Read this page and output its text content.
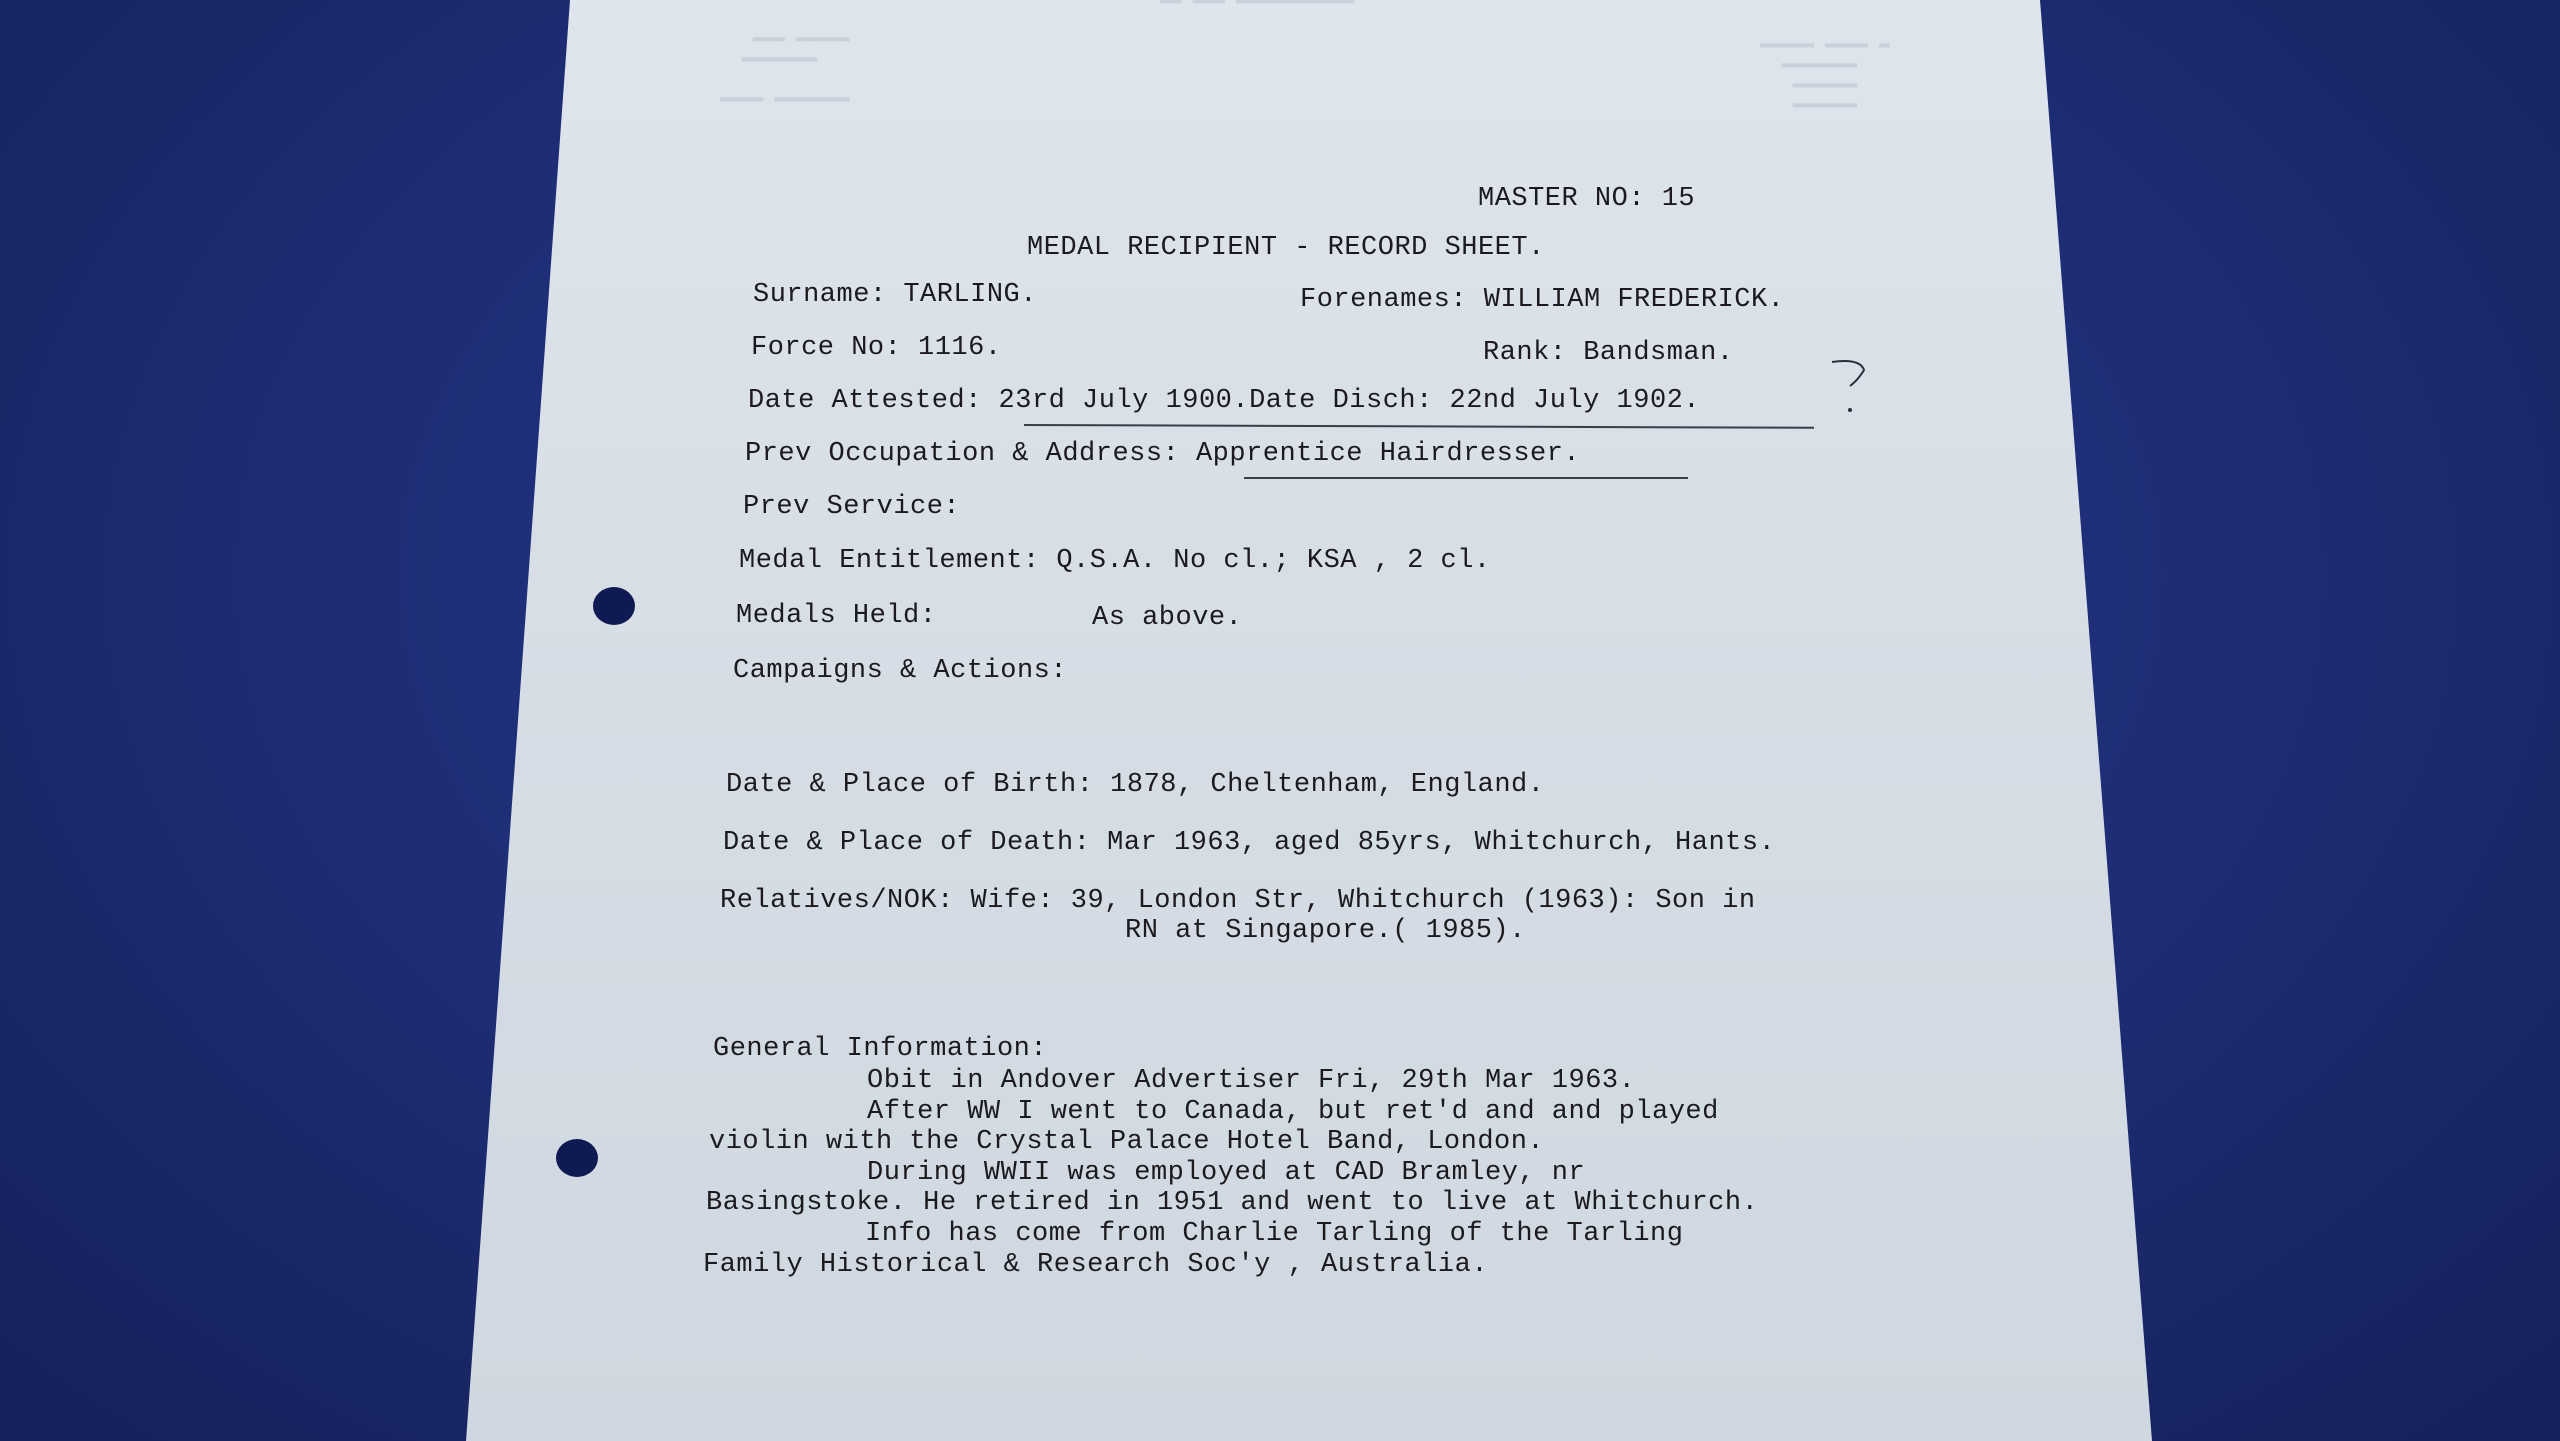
▬▬▬▬▬ ▬▬▬
▬▬▬▬▬▬▬

▬▬▬▬▬▬▬ ▬▬▬▬
▬ ▬▬▬▬ ▬▬▬▬▬
▬▬▬▬▬▬▬
▬▬▬▬▬▬
▬▬▬▬▬▬
▬▬▬▬▬▬▬▬▬▬▬ ▬▬▬ ▬▬
MASTER NO: 15
MEDAL RECIPIENT - RECORD SHEET.
Surname: TARLING.	Forenames: WILLIAM FREDERICK.
Force No: 1116.	Rank: Bandsman.
Date Attested: 23rd July 1900.Date Disch: 22nd July 1902.
Prev Occupation & Address: Apprentice Hairdresser.
Prev Service:
Medal Entitlement: Q.S.A. No cl.; KSA , 2 cl.
Medals Held:	As above.
Campaigns & Actions:
Date & Place of Birth: 1878, Cheltenham, England.
Date & Place of Death: Mar 1963, aged 85yrs, Whitchurch, Hants.
Relatives/NOK: Wife: 39, London Str, Whitchurch (1963): Son in
RN at Singapore.( 1985).
General Information:
Obit in Andover Advertiser Fri, 29th Mar 1963.
After WW I went to Canada, but ret'd and and played
violin with the Crystal Palace Hotel Band, London.
During WWII was employed at CAD Bramley, nr
Basingstoke. He retired in 1951 and went to live at Whitchurch.
Info has come from Charlie Tarling of the Tarling
Family Historical & Research Soc'y , Australia.
